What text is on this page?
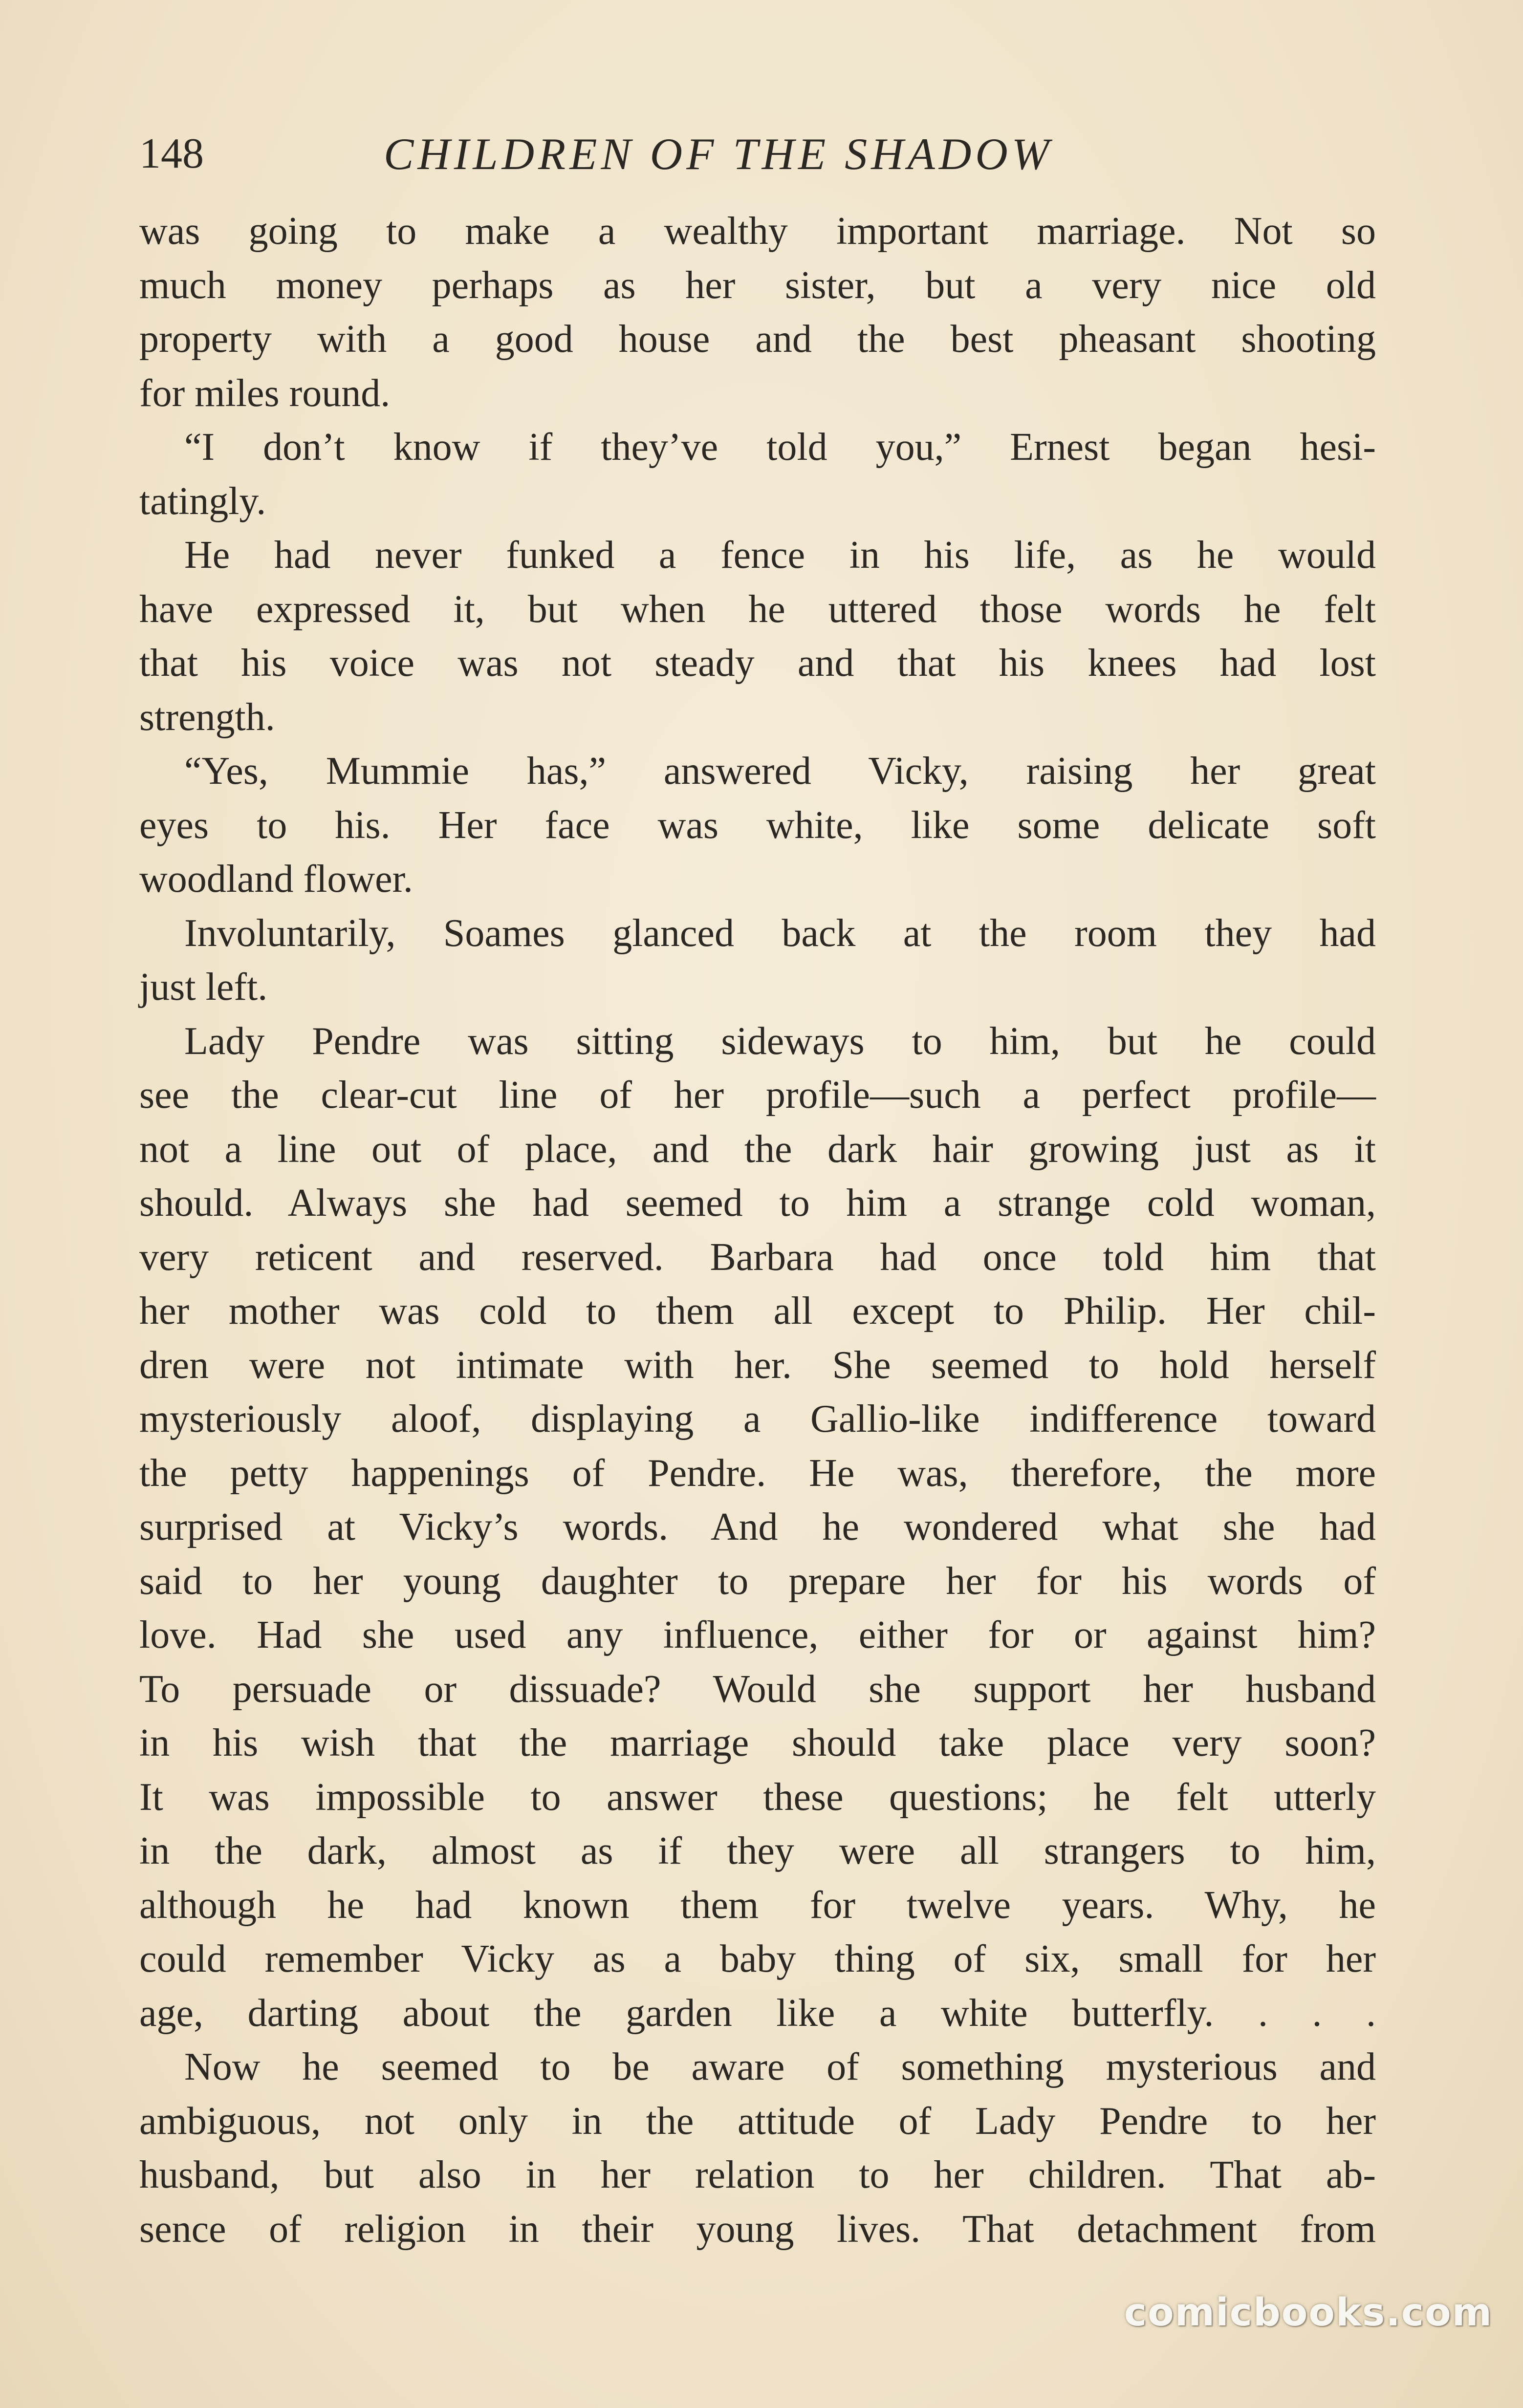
148	CHILDREN OF THE SHADOW
was going to make a wealthy important marriage. Not so
much money perhaps as her sister, but a very nice old
property with a good house and the best pheasant shooting
for miles round.
“I don’t know if they’ve told you,” Ernest began hesi-
tatingly.
He had never funked a fence in his life, as he would
have expressed it, but when he uttered those words he felt
that his voice was not steady and that his knees had lost
strength.
“Yes, Mummie has,” answered Vicky, raising her great
eyes to his. Her face was white, like some delicate soft
woodland flower.
Involuntarily, Soames glanced back at the room they had
just left.
Lady Pendre was sitting sideways to him, but he could
see the clear-cut line of her profile—such a perfect profile—
not a line out of place, and the dark hair growing just as it
should. Always she had seemed to him a strange cold woman,
very reticent and reserved. Barbara had once told him that
her mother was cold to them all except to Philip. Her chil-
dren were not intimate with her. She seemed to hold herself
mysteriously aloof, displaying a Gallio-like indifference toward
the petty happenings of Pendre. He was, therefore, the more
surprised at Vicky’s words. And he wondered what she had
said to her young daughter to prepare her for his words of
love. Had she used any influence, either for or against him?
To persuade or dissuade? Would she support her husband
in his wish that the marriage should take place very soon?
It was impossible to answer these questions; he felt utterly
in the dark, almost as if they were all strangers to him,
although he had known them for twelve years. Why, he
could remember Vicky as a baby thing of six, small for her
age, darting about the garden like a white butterfly. . . .
Now he seemed to be aware of something mysterious and
ambiguous, not only in the attitude of Lady Pendre to her
husband, but also in her relation to her children. That ab-
sence of religion in their young lives. That detachment from
comicbooks.com
